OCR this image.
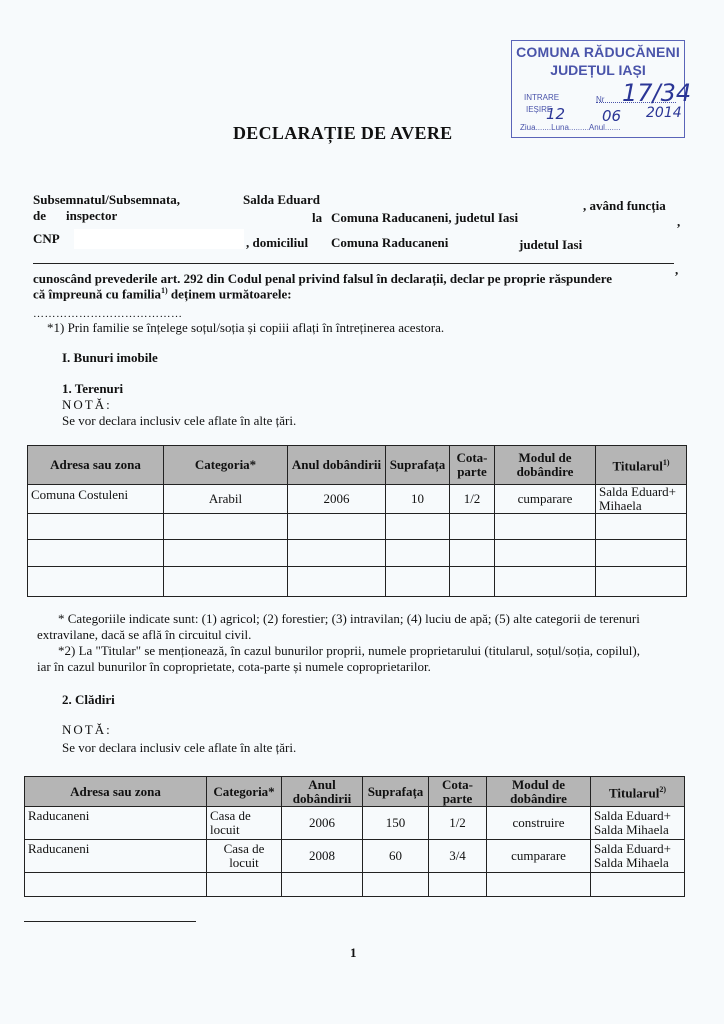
COMUNA RĂDUCĂNENI
JUDEȚUL IAȘI
INTRARE	Nr 17/34
IEȘIRE
Ziua.......Luna.........Anul.......
12 06 2014
DECLARAȚIE DE AVERE
Subsemnatul/Subsemnata,	Salda Eduard	, având funcția
de inspector	la Comuna Raducaneni, judetul Iasi	,
CNP	, domiciliul Comuna Raducaneni	judetul Iasi
,
cunoscând prevederile art. 292 din Codul penal privind falsul în declarații, declar pe proprie răspundere
că împreună cu familia$^{1)}$ deținem următoarele:
…………………………………
*1) Prin familie se înțelege soțul/soția și copiii aflați în întreținerea acestora.
I. Bunuri imobile
1. Terenuri
NOTĂ:
Se vor declara inclusiv cele aflate în alte țări.
Adresa sau zona	Categoria*	Anul dobândirii	Suprafața	Cota-parte	Modul de dobândire	Titularul$^{1)}$
Comuna Costuleni	Arabil	2006	10	1/2	cumparare	Salda Eduard+
Mihaela

* Categoriile indicate sunt: (1) agricol; (2) forestier; (3) intravilan; (4) luciu de apă; (5) alte categorii de terenuri
extravilane, dacă se află în circuitul civil.
*2) La "Titular" se menționează, în cazul bunurilor proprii, numele proprietarului (titularul, soțul/soția, copilul),
iar în cazul bunurilor în coproprietate, cota-parte și numele coproprietarilor.
2. Clădiri
NOTĂ:
Se vor declara inclusiv cele aflate în alte țări.
Adresa sau zona	Categoria*	Anul dobândirii	Suprafața	Cota-parte	Modul de dobândire	Titularul$^{2)}$
Raducaneni	Casa de
locuit	2006	150	1/2	construire	Salda Eduard+
Salda Mihaela
Raducaneni	Casa de
locuit	2008	60	3/4	cumparare	Salda Eduard+
Salda Mihaela

1
